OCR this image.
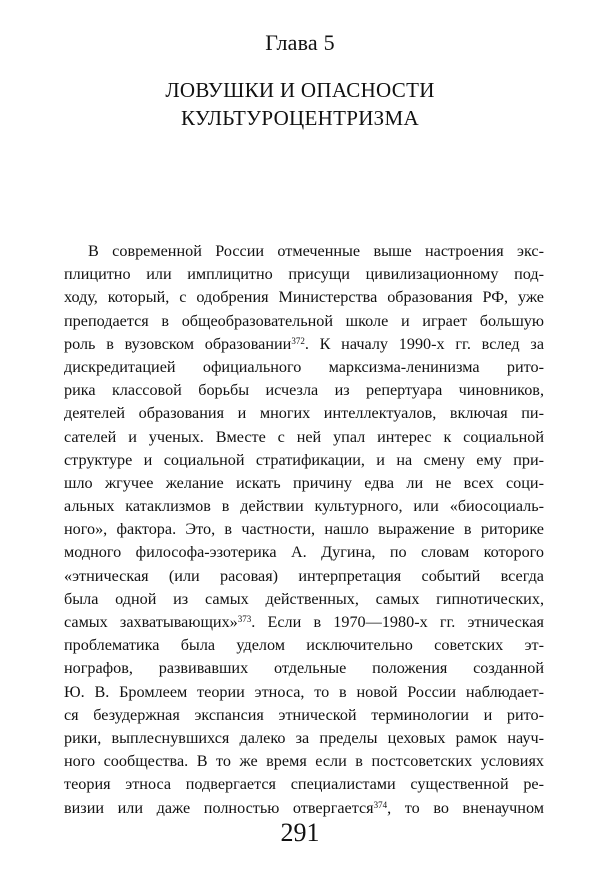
Глава 5
ЛОВУШКИ И ОПАСНОСТИ
КУЛЬТУРОЦЕНТРИЗМА
В современной России отмеченные выше настроения экс-
плицитно или имплицитно присущи цивилизационному под-
ходу, который, с одобрения Министерства образования РФ, уже
преподается в общеобразовательной школе и играет большую
роль в вузовском образовании$^{372}$. К началу 1990-х гг. вслед за
дискредитацией официального марксизма-ленинизма рито-
рика классовой борьбы исчезла из репертуара чиновников,
деятелей образования и многих интеллектуалов, включая пи-
сателей и ученых. Вместе с ней упал интерес к социальной
структуре и социальной стратификации, и на смену ему при-
шло жгучее желание искать причину едва ли не всех соци-
альных катаклизмов в действии культурного, или «биосоциаль-
ного», фактора. Это, в частности, нашло выражение в риторике
модного философа-эзотерика А. Дугина, по словам которого
«этническая (или расовая) интерпретация событий всегда
была одной из самых действенных, самых гипнотических,
самых захватывающих»$^{373}$. Если в 1970—1980-х гг. этническая
проблематика была уделом исключительно советских эт-
нографов, развивавших отдельные положения созданной
Ю. В. Бромлеем теории этноса, то в новой России наблюдает-
ся безудержная экспансия этнической терминологии и рито-
рики, выплеснувшихся далеко за пределы цеховых рамок науч-
ного сообщества. В то же время если в постсоветских условиях
теория этноса подвергается специалистами существенной ре-
визии или даже полностью отвергается$^{374}$, то во вненаучном
291
